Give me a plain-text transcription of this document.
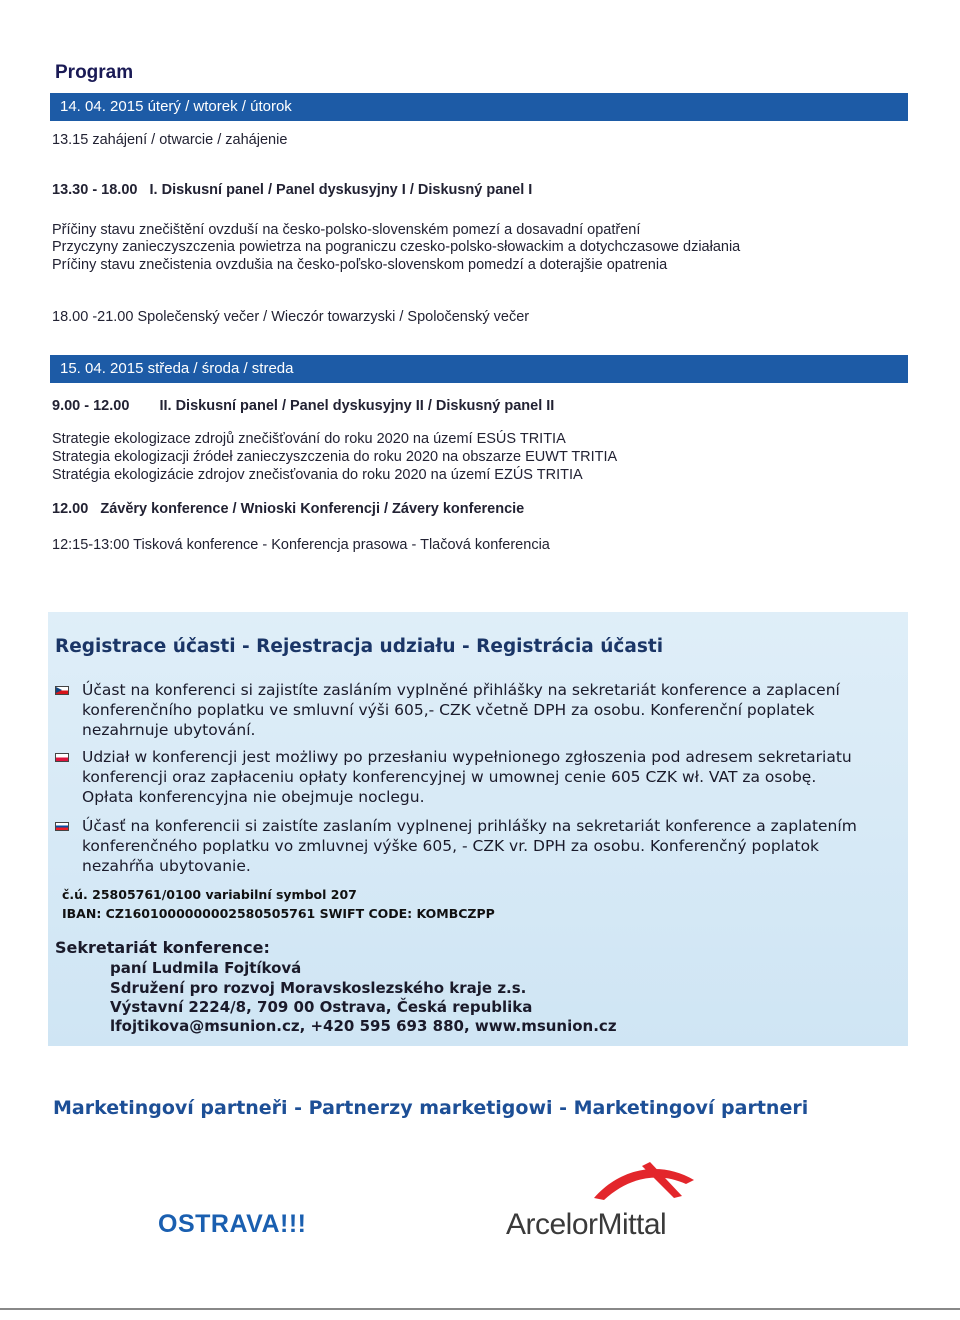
Program
14. 04. 2015 úterý / wtorek / útorok
13.15 zahájení / otwarcie / zahájenie
13.30 - 18.00 I. Diskusní panel / Panel dyskusyjny I / Diskusný panel I
Příčiny stavu znečištění ovzduší na česko-polsko-slovenském pomezí a dosavadní opatření
Przyczyny zanieczyszczenia powietrza na pograniczu czesko-polsko-słowackim a dotychczasowe działania
Príčiny stavu znečistenia ovzdušia na česko-poľsko-slovenskom pomedzí a doterajšie opatrenia
18.00 -21.00 Společenský večer / Wieczór towarzyski / Spoločenský večer
15. 04. 2015 středa / środa / streda
9.00 - 12.00 II. Diskusní panel / Panel dyskusyjny II / Diskusný panel II
Strategie ekologizace zdrojů znečišťování do roku 2020 na území ESÚS TRITIA
Strategia ekologizacji źródeł zanieczyszczenia do roku 2020 na obszarze EUWT TRITIA
Stratégia ekologizácie zdrojov znečisťovania do roku 2020 na území EZÚS TRITIA
12.00 Závěry konference / Wnioski Konferencji / Závery konferencie
12:15-13:00 Tisková konference - Konferencja prasowa - Tlačová konferencia
Registrace účasti - Rejestracja udziału - Registrácia účasti
Účast na konferenci si zajistíte zasláním vyplněné přihlášky na sekretariát konference a zaplacení konferenčního poplatku ve smluvní výši 605,- CZK včetně DPH za osobu. Konferenční poplatek nezahrnuje ubytování.
Udział w konferencji jest możliwy po przesłaniu wypełnionego zgłoszenia pod adresem sekretariatu konferencji oraz zapłaceniu opłaty konferencyjnej w umownej cenie 605 CZK wł. VAT za osobę. Opłata konferencyjna nie obejmuje noclegu.
Účasť na konferencii si zaistíte zaslaním vyplnenej prihlášky na sekretariát konference a zaplatením konferenčného poplatku vo zmluvnej výške 605, - CZK vr. DPH za osobu. Konferenčný poplatok nezahŕňa ubytovanie.
č.ú. 25805761/0100 variabilní symbol 207
IBAN: CZ1601000000002580505761 SWIFT CODE: KOMBCZPP
Sekretariát konference:
paní Ludmila Fojtíková
Sdružení pro rozvoj Moravskoslezského kraje z.s.
Výstavní 2224/8, 709 00 Ostrava, Česká republika
lfojtikova@msunion.cz, +420 595 693 880, www.msunion.cz
Marketingoví partneři - Partnerzy marketigowi - Marketingoví partneri
OSTRAVA!!!	ArcelorMittal
